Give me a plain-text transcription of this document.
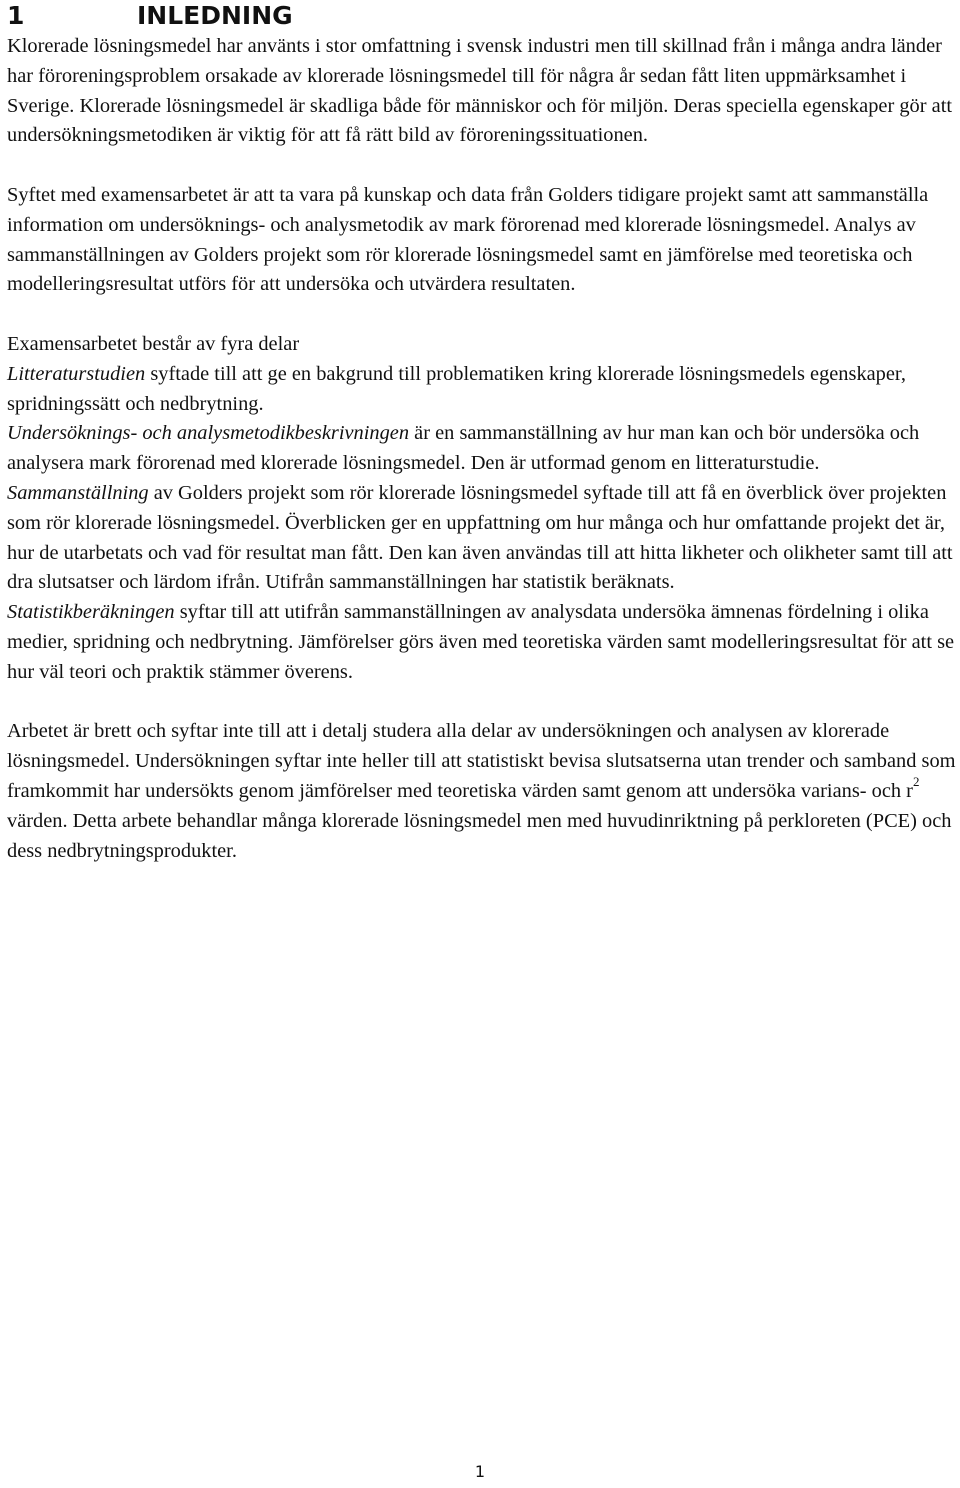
1	INLEDNING

Klorerade lösningsmedel har använts i stor omfattning i svensk industri men till skillnad från i många andra länder har föroreningsproblem orsakade av klorerade lösningsmedel till för några år sedan fått liten uppmärksamhet i Sverige. Klorerade lösningsmedel är skadliga både för människor och för miljön. Deras speciella egenskaper gör att undersökningsmetodiken är viktig för att få rätt bild av föroreningssituationen.

Syftet med examensarbetet är att ta vara på kunskap och data från Golders tidigare projekt samt att sammanställa information om undersöknings- och analysmetodik av mark förorenad med klorerade lösningsmedel. Analys av sammanställningen av Golders projekt som rör klorerade lösningsmedel samt en jämförelse med teoretiska och modelleringsresultat utförs för att undersöka och utvärdera resultaten.

Examensarbetet består av fyra delar
Litteraturstudien syftade till att ge en bakgrund till problematiken kring klorerade lösningsmedels egenskaper, spridningssätt och nedbrytning.
Undersöknings- och analysmetodikbeskrivningen är en sammanställning av hur man kan och bör undersöka och analysera mark förorenad med klorerade lösningsmedel. Den är utformad genom en litteraturstudie.
Sammanställning av Golders projekt som rör klorerade lösningsmedel syftade till att få en överblick över projekten som rör klorerade lösningsmedel. Överblicken ger en uppfattning om hur många och hur omfattande projekt det är, hur de utarbetats och vad för resultat man fått. Den kan även användas till att hitta likheter och olikheter samt till att dra slutsatser och lärdom ifrån. Utifrån sammanställningen har statistik beräknats.
Statistikberäkningen syftar till att utifrån sammanställningen av analysdata undersöka ämnenas fördelning i olika medier, spridning och nedbrytning. Jämförelser görs även med teoretiska värden samt modelleringsresultat för att se hur väl teori och praktik stämmer överens.

Arbetet är brett och syftar inte till att i detalj studera alla delar av undersökningen och analysen av klorerade lösningsmedel. Undersökningen syftar inte heller till att statistiskt bevisa slutsatserna utan trender och samband som framkommit har undersökts genom jämförelser med teoretiska värden samt genom att undersöka varians- och $r^2$ värden. Detta arbete behandlar många klorerade lösningsmedel men med huvudinriktning på perkloreten (PCE) och dess nedbrytningsprodukter.

1
